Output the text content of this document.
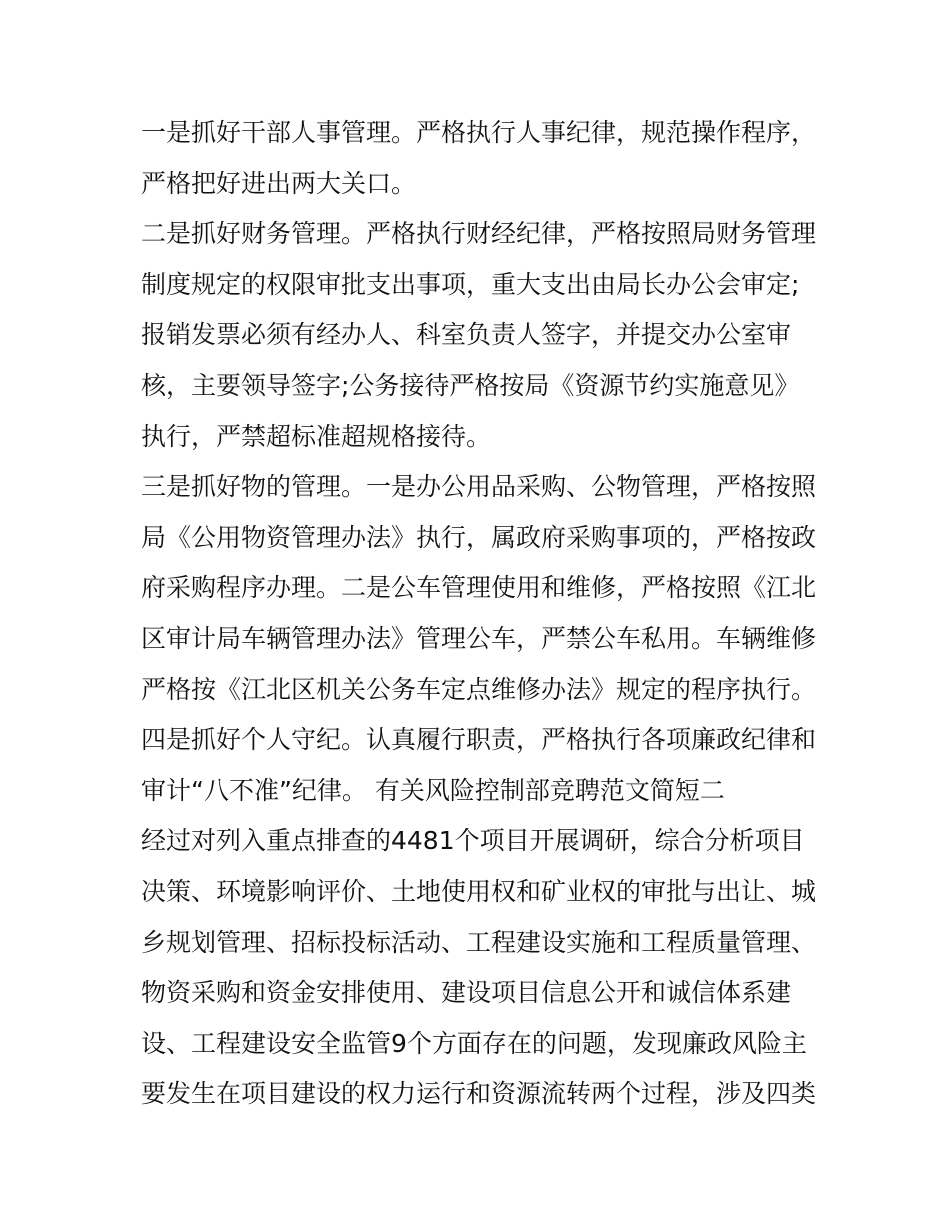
一是抓好干部人事管理。严格执行人事纪律，规范操作程序，
严格把好进出两大关口。
二是抓好财务管理。严格执行财经纪律，严格按照局财务管理
制度规定的权限审批支出事项，重大支出由局长办公会审定;
报销发票必须有经办人、科室负责人签字，并提交办公室审
核，主要领导签字;公务接待严格按局《资源节约实施意见》
执行，严禁超标准超规格接待。
三是抓好物的管理。一是办公用品采购、公物管理，严格按照
局《公用物资管理办法》执行，属政府采购事项的，严格按政
府采购程序办理。二是公车管理使用和维修，严格按照《江北
区审计局车辆管理办法》管理公车，严禁公车私用。车辆维修
严格按《江北区机关公务车定点维修办法》规定的程序执行。
四是抓好个人守纪。认真履行职责，严格执行各项廉政纪律和
审计“八不准”纪律。 有关风险控制部竞聘范文简短二
经过对列入重点排查的4481个项目开展调研，综合分析项目
决策、环境影响评价、土地使用权和矿业权的审批与出让、城
乡规划管理、招标投标活动、工程建设实施和工程质量管理、
物资采购和资金安排使用、建设项目信息公开和诚信体系建
设、工程建设安全监管9个方面存在的问题，发现廉政风险主
要发生在项目建设的权力运行和资源流转两个过程，涉及四类
